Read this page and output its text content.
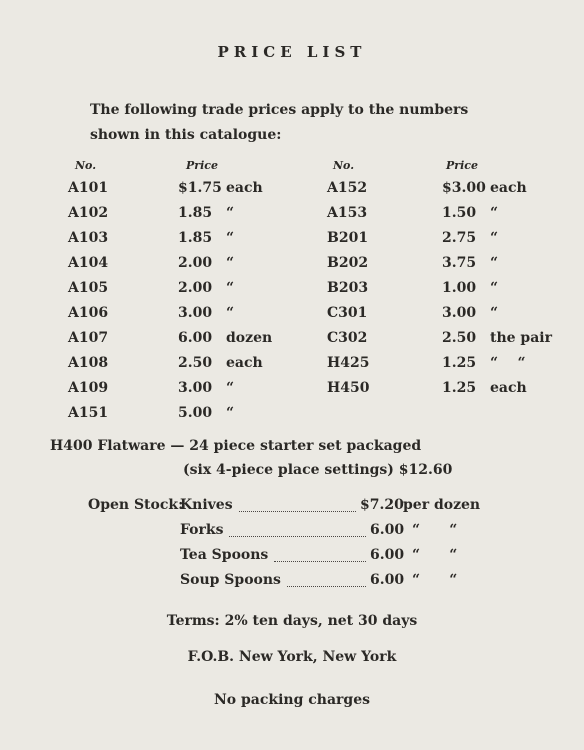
PRICE LIST
The following trade prices apply to the numbers shown in this catalogue:
No.	Price	No.	Price
A101	$1.75 each	A152	$3.00 each
A102	1.85 “	A153	1.50 “
A103	1.85 “	B201	2.75 “
A104	2.00 “	B202	3.75 “
A105	2.00 “	B203	1.00 “
A106	3.00 “	C301	3.00 “
A107	6.00 dozen	C302	2.50 the pair
A108	2.50 each	H425	1.25 “    “
A109	3.00 “	H450	1.25 each
A151	5.00 “
H400 Flatware — 24 piece starter set packaged
(six 4-piece place settings) $12.60
Open Stock:
Knives	$7.20 per dozen
Forks	6.00 “      “
Tea Spoons	6.00 “      “
Soup Spoons	6.00 “      “
Terms: 2% ten days, net 30 days
F.O.B. New York, New York
No packing charges
